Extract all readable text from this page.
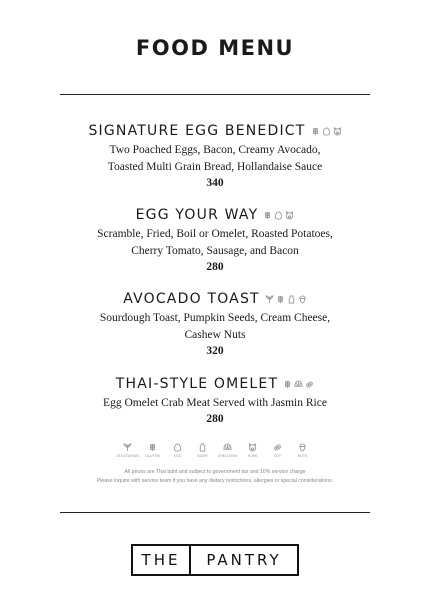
FOOD MENU
SIGNATURE EGG BENEDICT
Two Poached Eggs, Bacon, Creamy Avocado,
Toasted Multi Grain Bread, Hollandaise Sauce
340
EGG YOUR WAY
Scramble, Fried, Boil or Omelet, Roasted Potatoes,
Cherry Tomato, Sausage, and Bacon
280
AVOCADO TOAST
Sourdough Toast, Pumpkin Seeds, Cream Cheese,
Cashew Nuts
320
THAI-STYLE OMELET
Egg Omelet Crab Meat Served with Jasmin Rice
280
VEGETARIAN GLUTEN	EGG	DAIRY	SHELLFISH	PORK	SOY	NUTS
All prices are Thai baht and subject to government tax and 10% service charge
Please inquire with service team if you have any dietary restrictions, allergies or special considerations.
THE	PANTRY
